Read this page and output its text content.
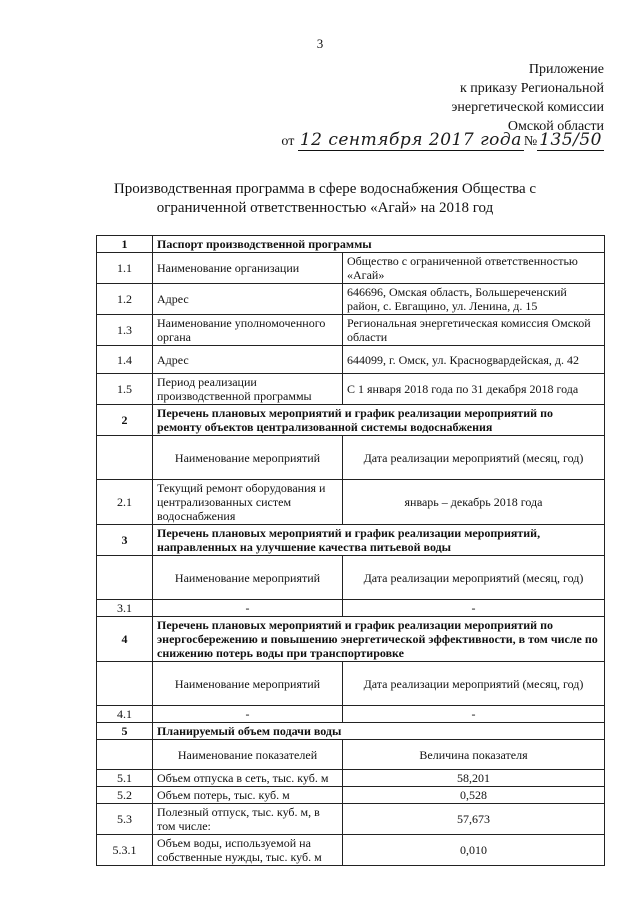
3
Приложение
к приказу Региональной
энергетической комиссии
Омской области
от 12 сентября 2017 года № 135/50
Производственная программа в сфере водоснабжения Общества с
ограниченной ответственностью «Агай» на 2018 год
1	Паспорт производственной программы	
1.1	Наименование организации	Общество с ограниченной ответственностью «Агай»
1.2	Адрес	646696, Омская область, Большереченский район, с. Евгащино, ул. Ленина, д. 15
1.3	Наименование уполномоченного органа	Региональная энергетическая комиссия Омской области
1.4	Адрес	644099, г. Омск, ул. Краснogвардейская, д. 42
1.5	Период реализации производственной программы	С 1 января 2018 года по 31 декабря 2018 года
2	Перечень плановых мероприятий и график реализации мероприятий по ремонту объектов централизованной системы водоснабжения	
	Наименование мероприятий	Дата реализации мероприятий (месяц, год)
2.1	Текущий ремонт оборудования и централизованных систем водоснабжения	январь – декабрь 2018 года
3	Перечень плановых мероприятий и график реализации мероприятий, направленных на улучшение качества питьевой воды	
	Наименование мероприятий	Дата реализации мероприятий (месяц, год)
3.1	-	-
4	Перечень плановых мероприятий и график реализации мероприятий по энергосбережению и повышению энергетической эффективности, в том числе по снижению потерь воды при транспортировке	
	Наименование мероприятий	Дата реализации мероприятий (месяц, год)
4.1	-	-
5	Планируемый объем подачи воды	
	Наименование показателей	Величина показателя
5.1	Объем отпуска в сеть, тыс. куб. м	58,201
5.2	Объем потерь, тыс. куб. м	0,528
5.3	Полезный отпуск, тыс. куб. м, в том числе:	57,673
5.3.1	Объем воды, используемой на собственные нужды, тыс. куб. м	0,010
